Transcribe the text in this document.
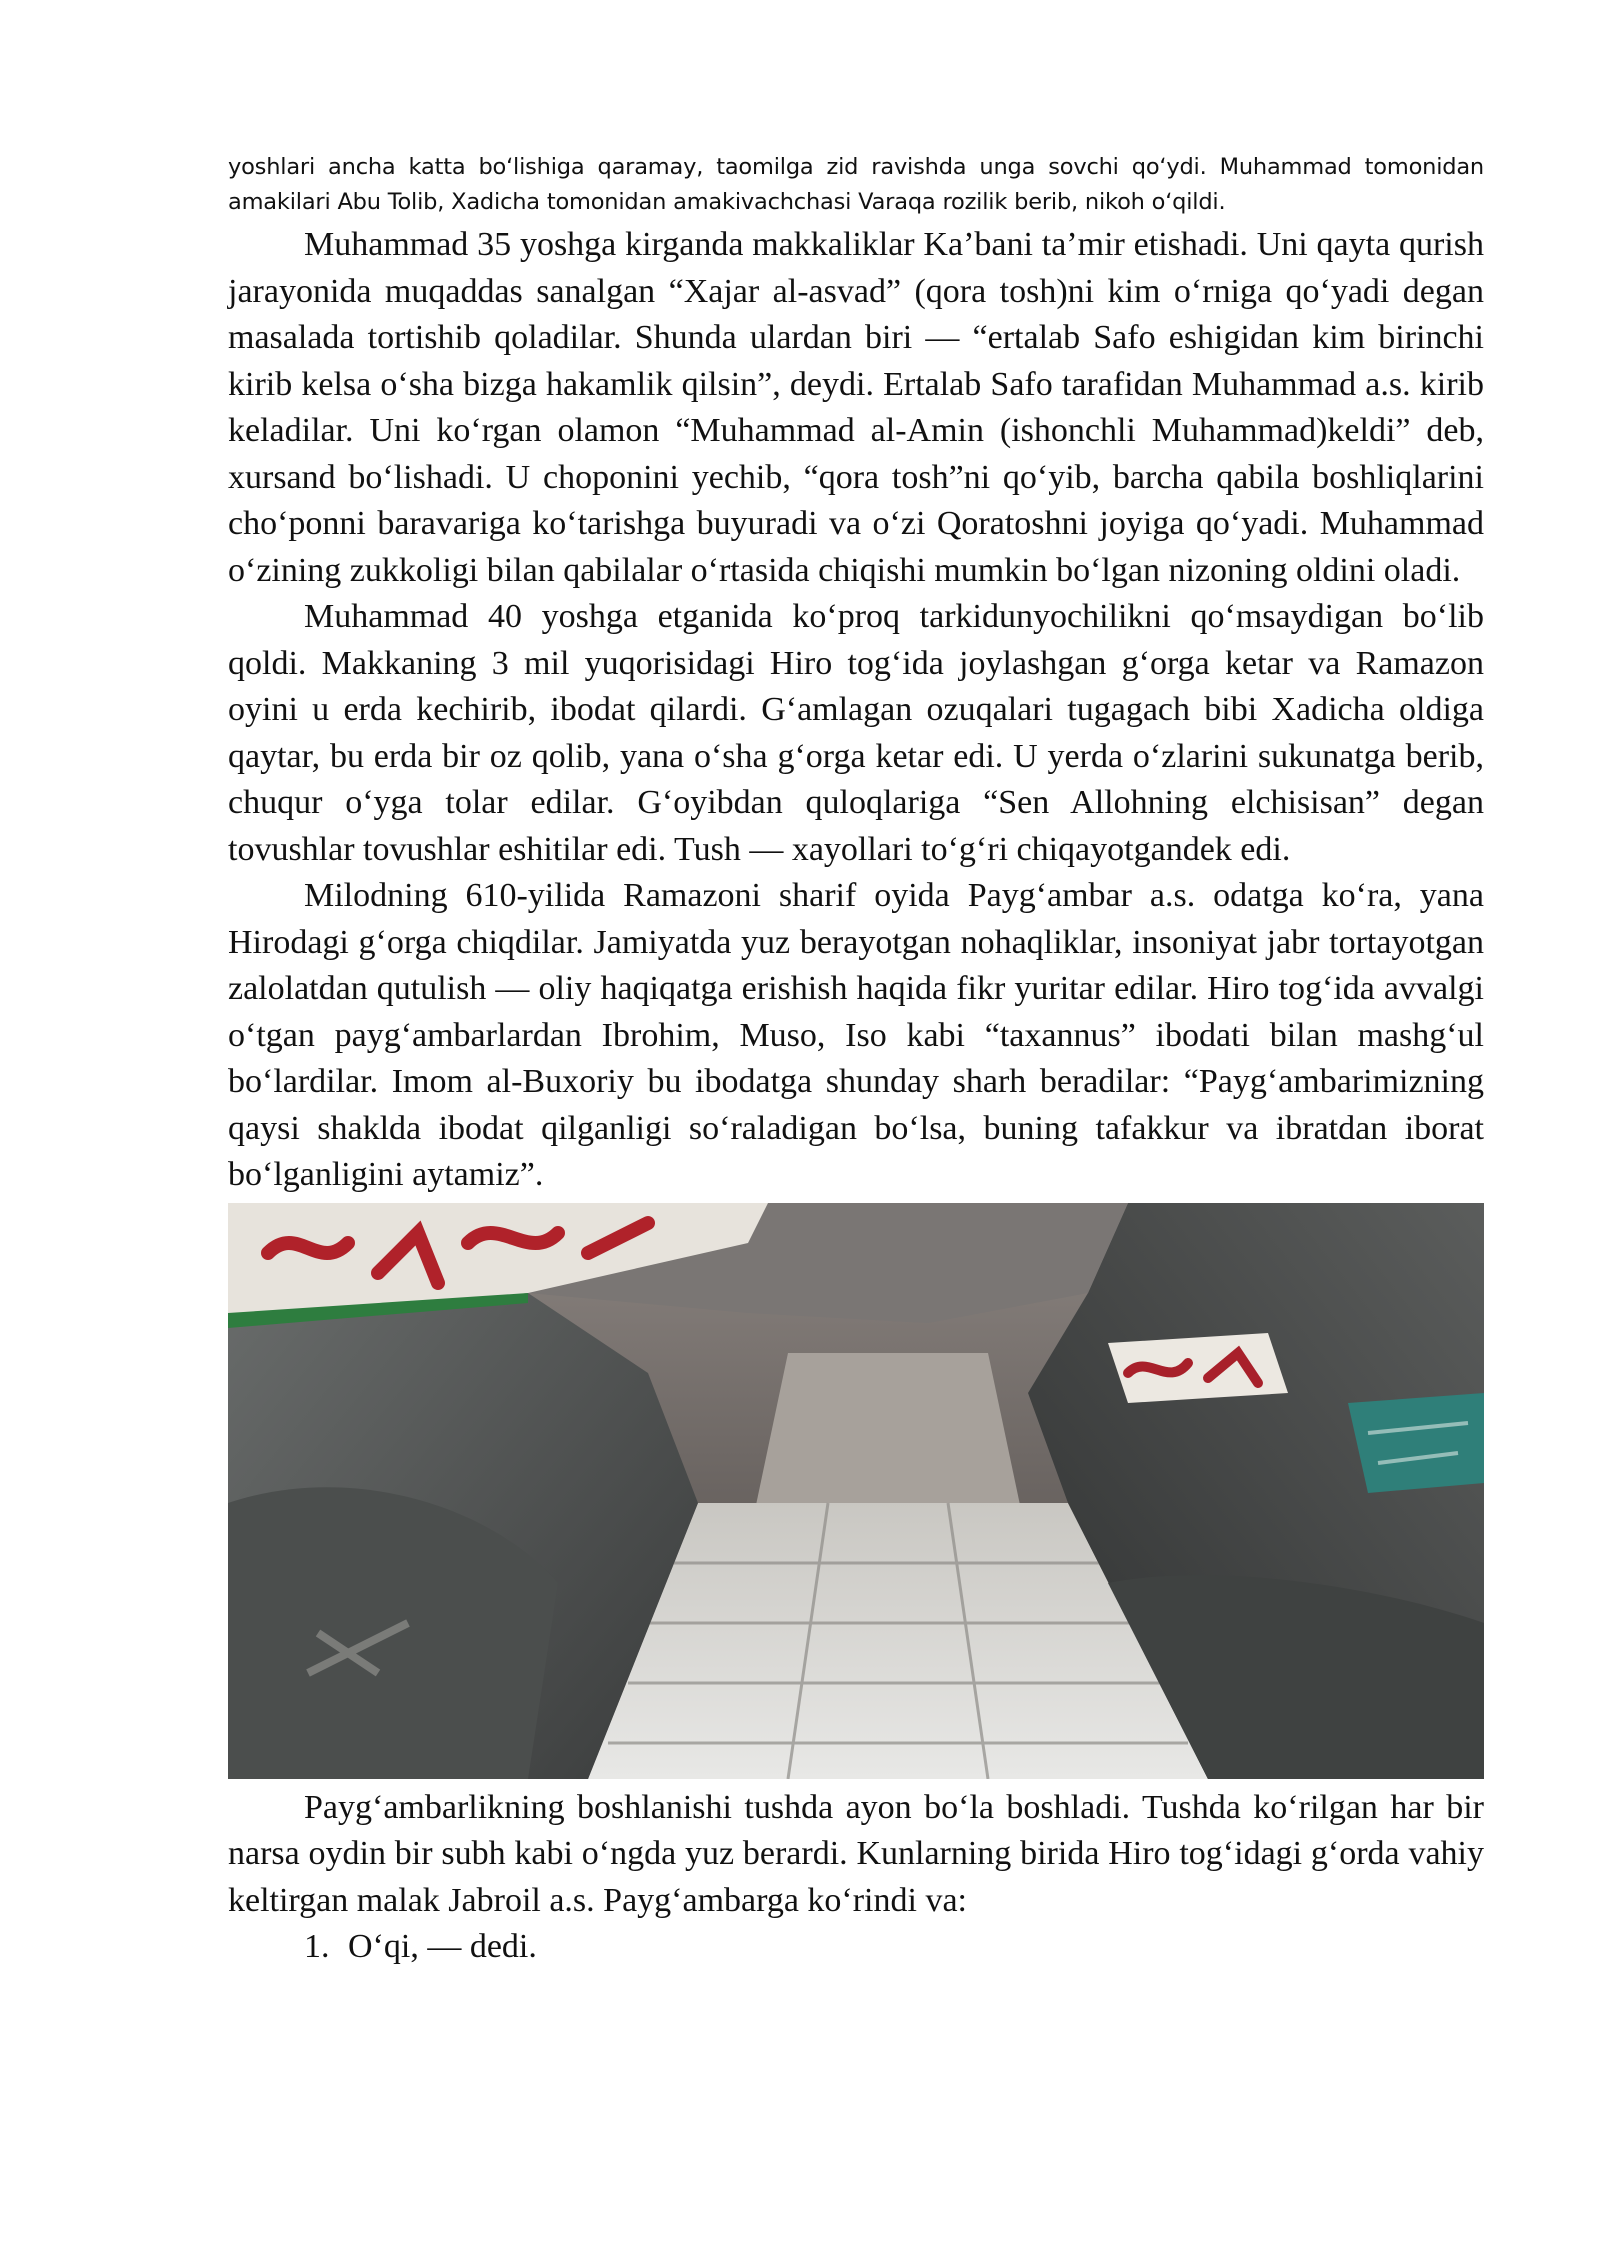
yoshlari ancha katta boʻlishiga qaramay, taomilga zid ravishda unga sovchi qoʻydi. Muhammad tomonidan amakilari Abu Tolib, Xadicha tomonidan amakivachchasi Varaqa rozilik berib, nikoh oʻqildi.

Muhammad 35 yoshga kirganda makkaliklar Ka’bani ta’mir etishadi. Uni qayta qurish jarayonida muqaddas sanalgan “Xajar al-asvad” (qora tosh)ni kim oʻrniga qoʻyadi degan masalada tortishib qoladilar. Shunda ulardan biri — “ertalab Safo eshigidan kim birinchi kirib kelsa oʻsha bizga hakamlik qilsin”, deydi. Ertalab Safo tarafidan Muhammad a.s. kirib keladilar. Uni koʻrgan olamon “Muhammad al-Amin (ishonchli Muhammad)keldi” deb, xursand boʻlishadi. U choponini yechib, “qora tosh”ni qoʻyib, barcha qabila boshliqlarini choʻponni baravariga koʻtarishga buyuradi va oʻzi Qoratoshni joyiga qoʻyadi. Muhammad oʻzining zukkoligi bilan qabilalar oʻrtasida chiqishi mumkin boʻlgan nizoning oldini oladi.

Muhammad 40 yoshga etganida koʻproq tarkidunyochilikni qoʻmsaydigan boʻlib qoldi. Makkaning 3 mil yuqorisidagi Hiro togʻida joylashgan gʻorga ketar va Ramazon oyini u erda kechirib, ibodat qilardi. Gʻamlagan ozuqalari tugagach bibi Xadicha oldiga qaytar, bu erda bir oz qolib, yana oʻsha gʻorga ketar edi. U yerda oʻzlarini sukunatga berib, chuqur oʻyga tolar edilar. Gʻoyibdan quloqlariga “Sen Allohning elchisisan” degan tovushlar tovushlar eshitilar edi. Tush — xayollari toʻgʻri chiqayotgandek edi.

Milodning 610-yilida Ramazoni sharif oyida Paygʻambar a.s. odatga koʻra, yana Hirodagi gʻorga chiqdilar. Jamiyatda yuz berayotgan nohaqliklar, insoniyat jabr tortayotgan zalolatdan qutulish — oliy haqiqatga erishish haqida fikr yuritar edilar. Hiro togʻida avvalgi oʻtgan paygʻambarlardan Ibrohim, Muso, Iso kabi “taxannus” ibodati bilan mashgʻul boʻlardilar. Imom al-Buxoriy bu ibodatga shunday sharh beradilar: “Paygʻambarimizning qaysi shaklda ibodat qilganligi soʻraladigan boʻlsa, buning tafakkur va ibratdan iborat boʻlganligini aytamiz”.

Paygʻambarlikning boshlanishi tushda ayon boʻla boshladi. Tushda koʻrilgan har bir narsa oydin bir subh kabi oʻngda yuz berardi. Kunlarning birida Hiro togʻidagi gʻorda vahiy keltirgan malak Jabroil a.s. Paygʻambarga koʻrindi va:

1. Oʻqi, — dedi.
